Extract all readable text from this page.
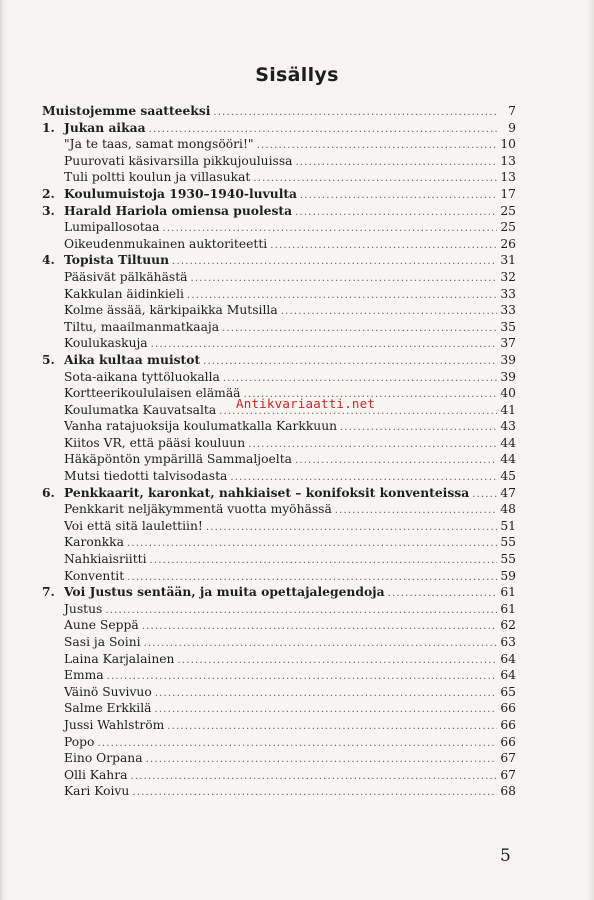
Sisällys
Muistojemme saatteeksi .....	7
1. Jukan aikaa .....	9
"Ja te taas, samat mongsööri!" .....	10
Puurovati käsivarsilla pikkujouluissa .....	13
Tuli poltti koulun ja villasukat .....	13
2. Koulumuistoja 1930–1940-luvulta .....	17
3. Harald Hariola omiensa puolesta .....	25
Lumipallosotaa .....	25
Oikeudenmukainen auktoriteetti .....	26
4. Topista Tiltuun .....	31
Pääsivät pälkähästä .....	32
Kakkulan äidinkieli .....	33
Kolme ässää, kärkipaikka Mutsilla .....	33
Tiltu, maailmanmatkaaja .....	35
Koulukaskuja .....	37
5. Aika kultaa muistot .....	39
Sota-aikana tyttöluokalla .....	39
Kortteerikoululaisen elämää .....	40
Koulumatka Kauvatsalta .....	41
Vanha ratajuoksija koulumatkalla Karkkuun .....	43
Kiitos VR, että pääsi kouluun .....	44
Häkäpöntön ympärillä Sammaljoelta .....	44
Mutsi tiedotti talvisodasta .....	45
6. Penkkaarit, karonkat, nahkiaiset – konifoksit konventeissa .....	47
Penkkarit neljäkymmentä vuotta myöhässä .....	48
Voi että sitä laulettiin! .....	51
Karonkka .....	55
Nahkiaisriitti .....	55
Konventit .....	59
7. Voi Justus sentään, ja muita opettajalegendoja .....	61
Justus .....	61
Aune Seppä .....	62
Sasi ja Soini .....	63
Laina Karjalainen .....	64
Emma .....	64
Väinö Suvivuo .....	65
Salme Erkkilä .....	66
Jussi Wahlström .....	66
Popo .....	66
Eino Orpana .....	67
Olli Kahra .....	67
Kari Koivu .....	68
Antikvariaatti.net
5
